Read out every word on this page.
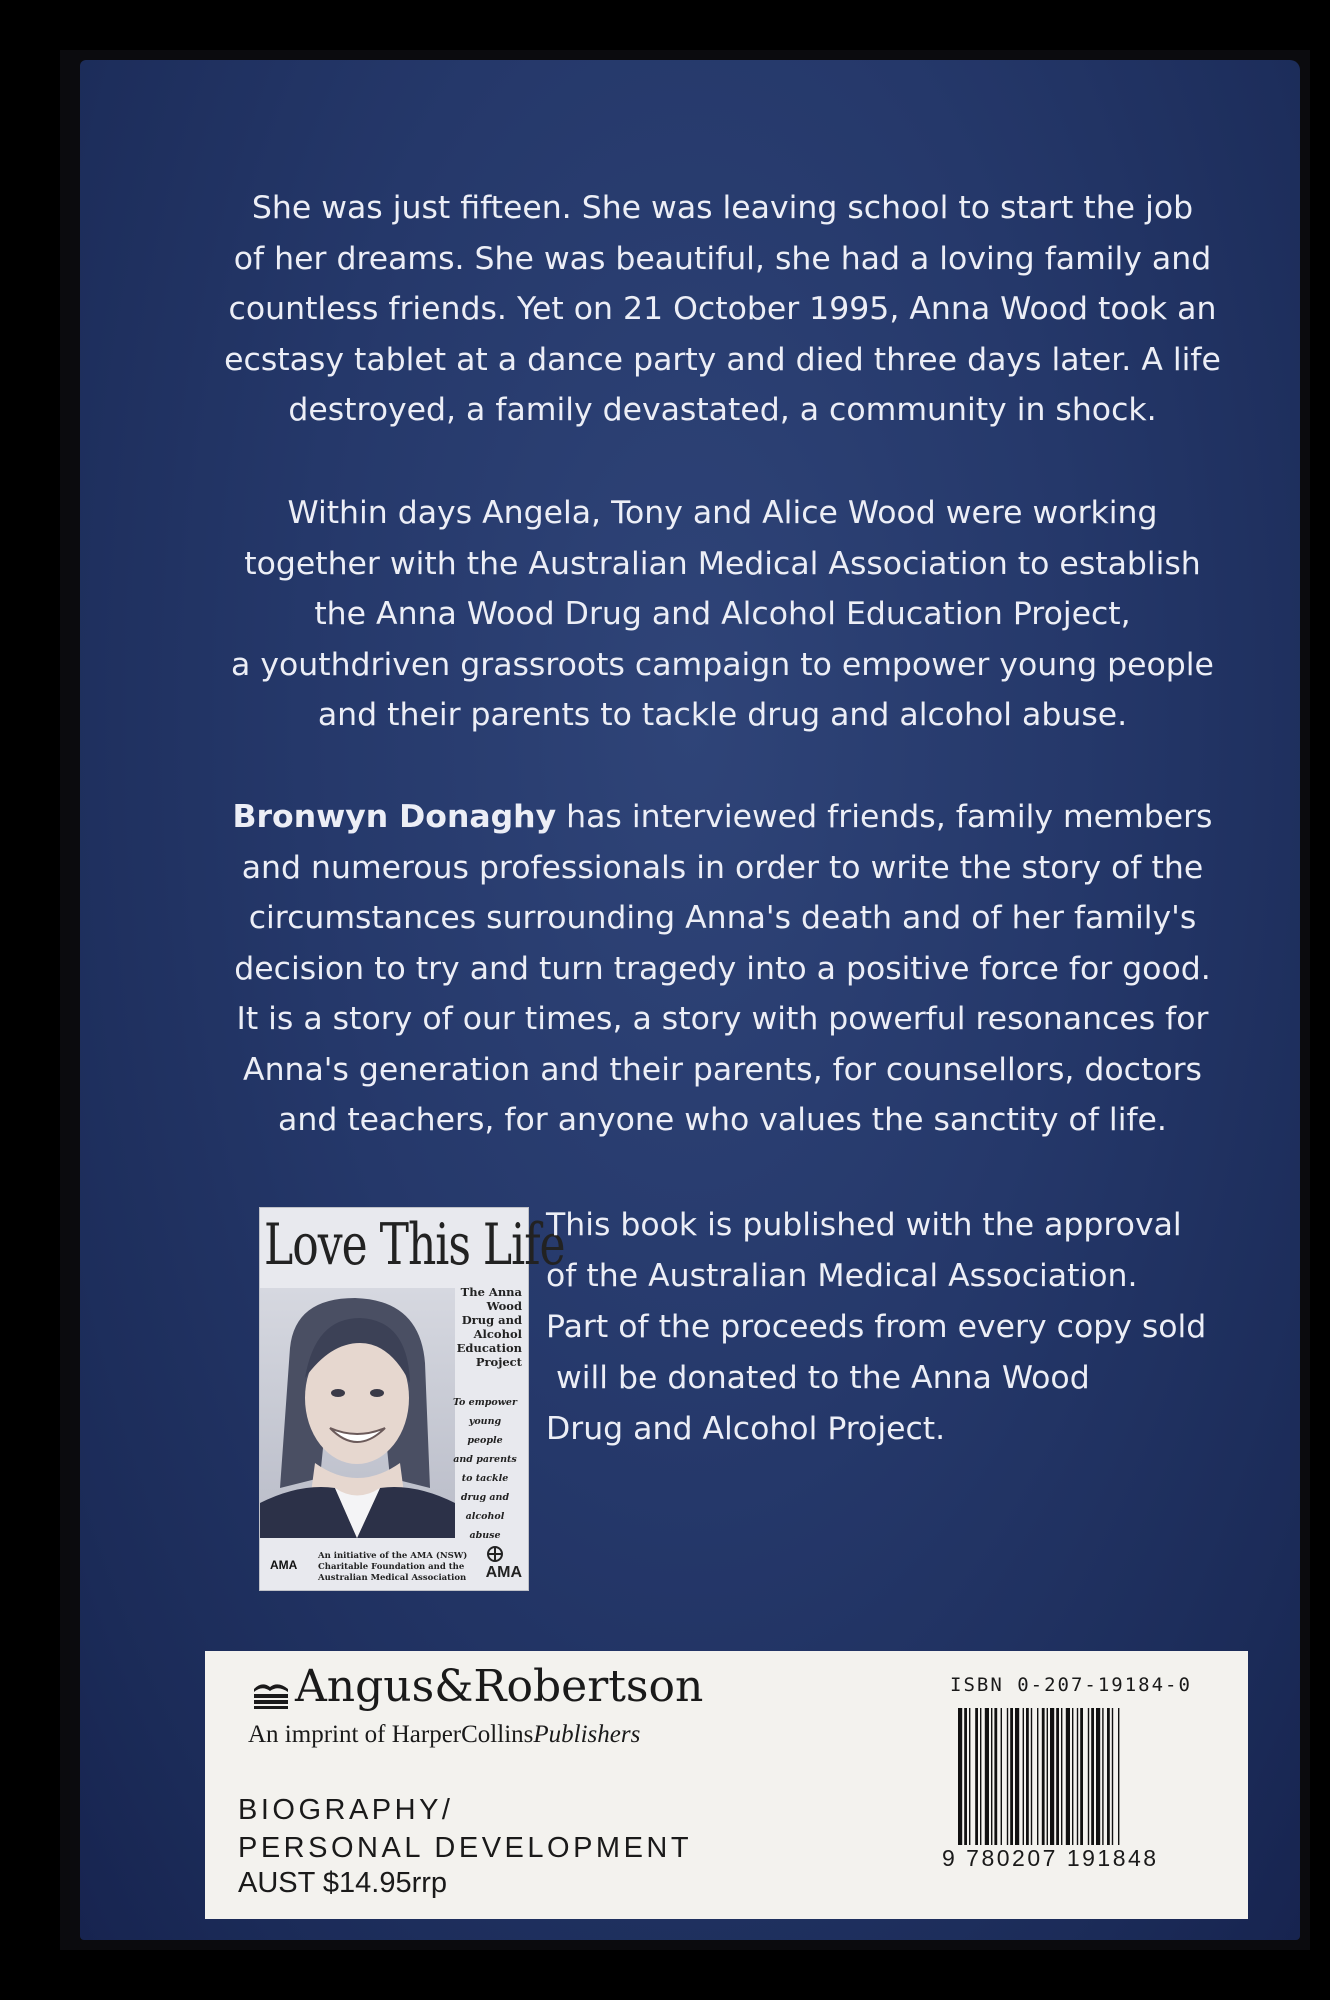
She was just fifteen. She was leaving school to start the job

of her dreams. She was beautiful, she had a loving family and

countless friends. Yet on 21 October 1995, Anna Wood took an

ecstasy tablet at a dance party and died three days later. A life

destroyed, a family devastated, a community in shock.

Within days Angela, Tony and Alice Wood were working

together with the Australian Medical Association to establish

the Anna Wood Drug and Alcohol Education Project,

a youthdriven grassroots campaign to empower young people

and their parents to tackle drug and alcohol abuse.

Bronwyn Donaghy has interviewed friends, family members

and numerous professionals in order to write the story of the

circumstances surrounding Anna's death and of her family's

decision to try and turn tragedy into a positive force for good.

It is a story of our times, a story with powerful resonances for

Anna's generation and their parents, for counsellors, doctors

and teachers, for anyone who values the sanctity of life.

Love This Life
The Anna Wood
Drug and Alcohol
Education
Project
To empower
young people
and parents
to tackle
drug and
alcohol abuse
AMA
An initiative of the AMA (NSW) Charitable Foundation and the Australian Medical Association AMA
This book is published with the approval
of the Australian Medical Association.
Part of the proceeds from every copy sold
will be donated to the Anna Wood
Drug and Alcohol Project.
Angus&Robertson
An imprint of HarperCollinsPublishers
BIOGRAPHY/
PERSONAL DEVELOPMENT
AUST $14.95rrp
ISBN 0-207-19184-0
9 780207 191848
